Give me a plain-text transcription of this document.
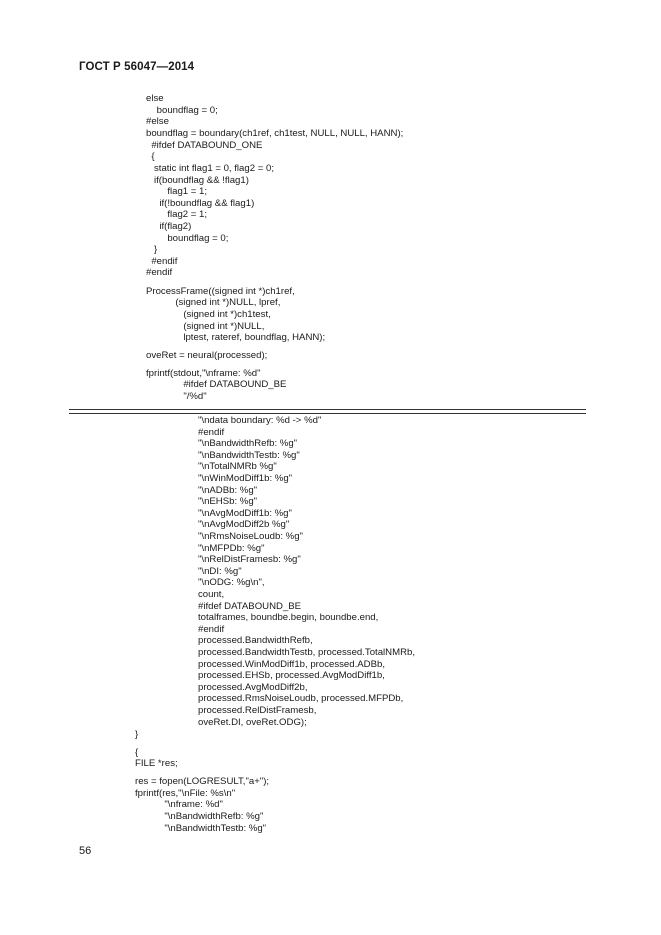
ГОСТ Р 56047—2014

else

boundflag = 0;

#else

boundflag = boundary(ch1ref, ch1test, NULL, NULL, HANN);

#ifdef DATABOUND_ONE

{

static int flag1 = 0, flag2 = 0;

if(boundflag && !flag1)

flag1 = 1;

if(!boundflag && flag1)

flag2 = 1;

if(flag2)

boundflag = 0;

}

#endif

#endif

ProcessFrame((signed int *)ch1ref,

(signed int *)NULL, lpref,

(signed int *)ch1test,

(signed int *)NULL,

lptest, rateref, boundflag, HANN);

oveRet = neural(processed);

fprintf(stdout,"\nframe: %d"

#ifdef DATABOUND_BE

"/%d"

"\ndata boundary: %d -> %d"

#endif

"\nBandwidthRefb: %g"

"\nBandwidthTestb: %g"

"\nTotalNMRb %g"

"\nWinModDiff1b: %g"

"\nADBb: %g"

"\nEHSb: %g"

"\nAvgModDiff1b: %g"

"\nAvgModDiff2b %g"

"\nRmsNoiseLoudb: %g"

"\nMFPDb: %g"

"\nRelDistFramesb: %g"

"\nDI: %g"

"\nODG: %g\n",

count,

#ifdef DATABOUND_BE

totalframes, boundbe.begin, boundbe.end,

#endif

processed.BandwidthRefb,

processed.BandwidthTestb, processed.TotalNMRb,

processed.WinModDiff1b, processed.ADBb,

processed.EHSb, processed.AvgModDiff1b,

processed.AvgModDiff2b,

processed.RmsNoiseLoudb, processed.MFPDb,

processed.RelDistFramesb,

oveRet.DI, oveRet.ODG);

}

{

FILE *res;

res = fopen(LOGRESULT,"a+");

fprintf(res,"\nFile: %s\n"

"\nframe: %d"

"\nBandwidthRefb: %g"

"\nBandwidthTestb: %g"

56
